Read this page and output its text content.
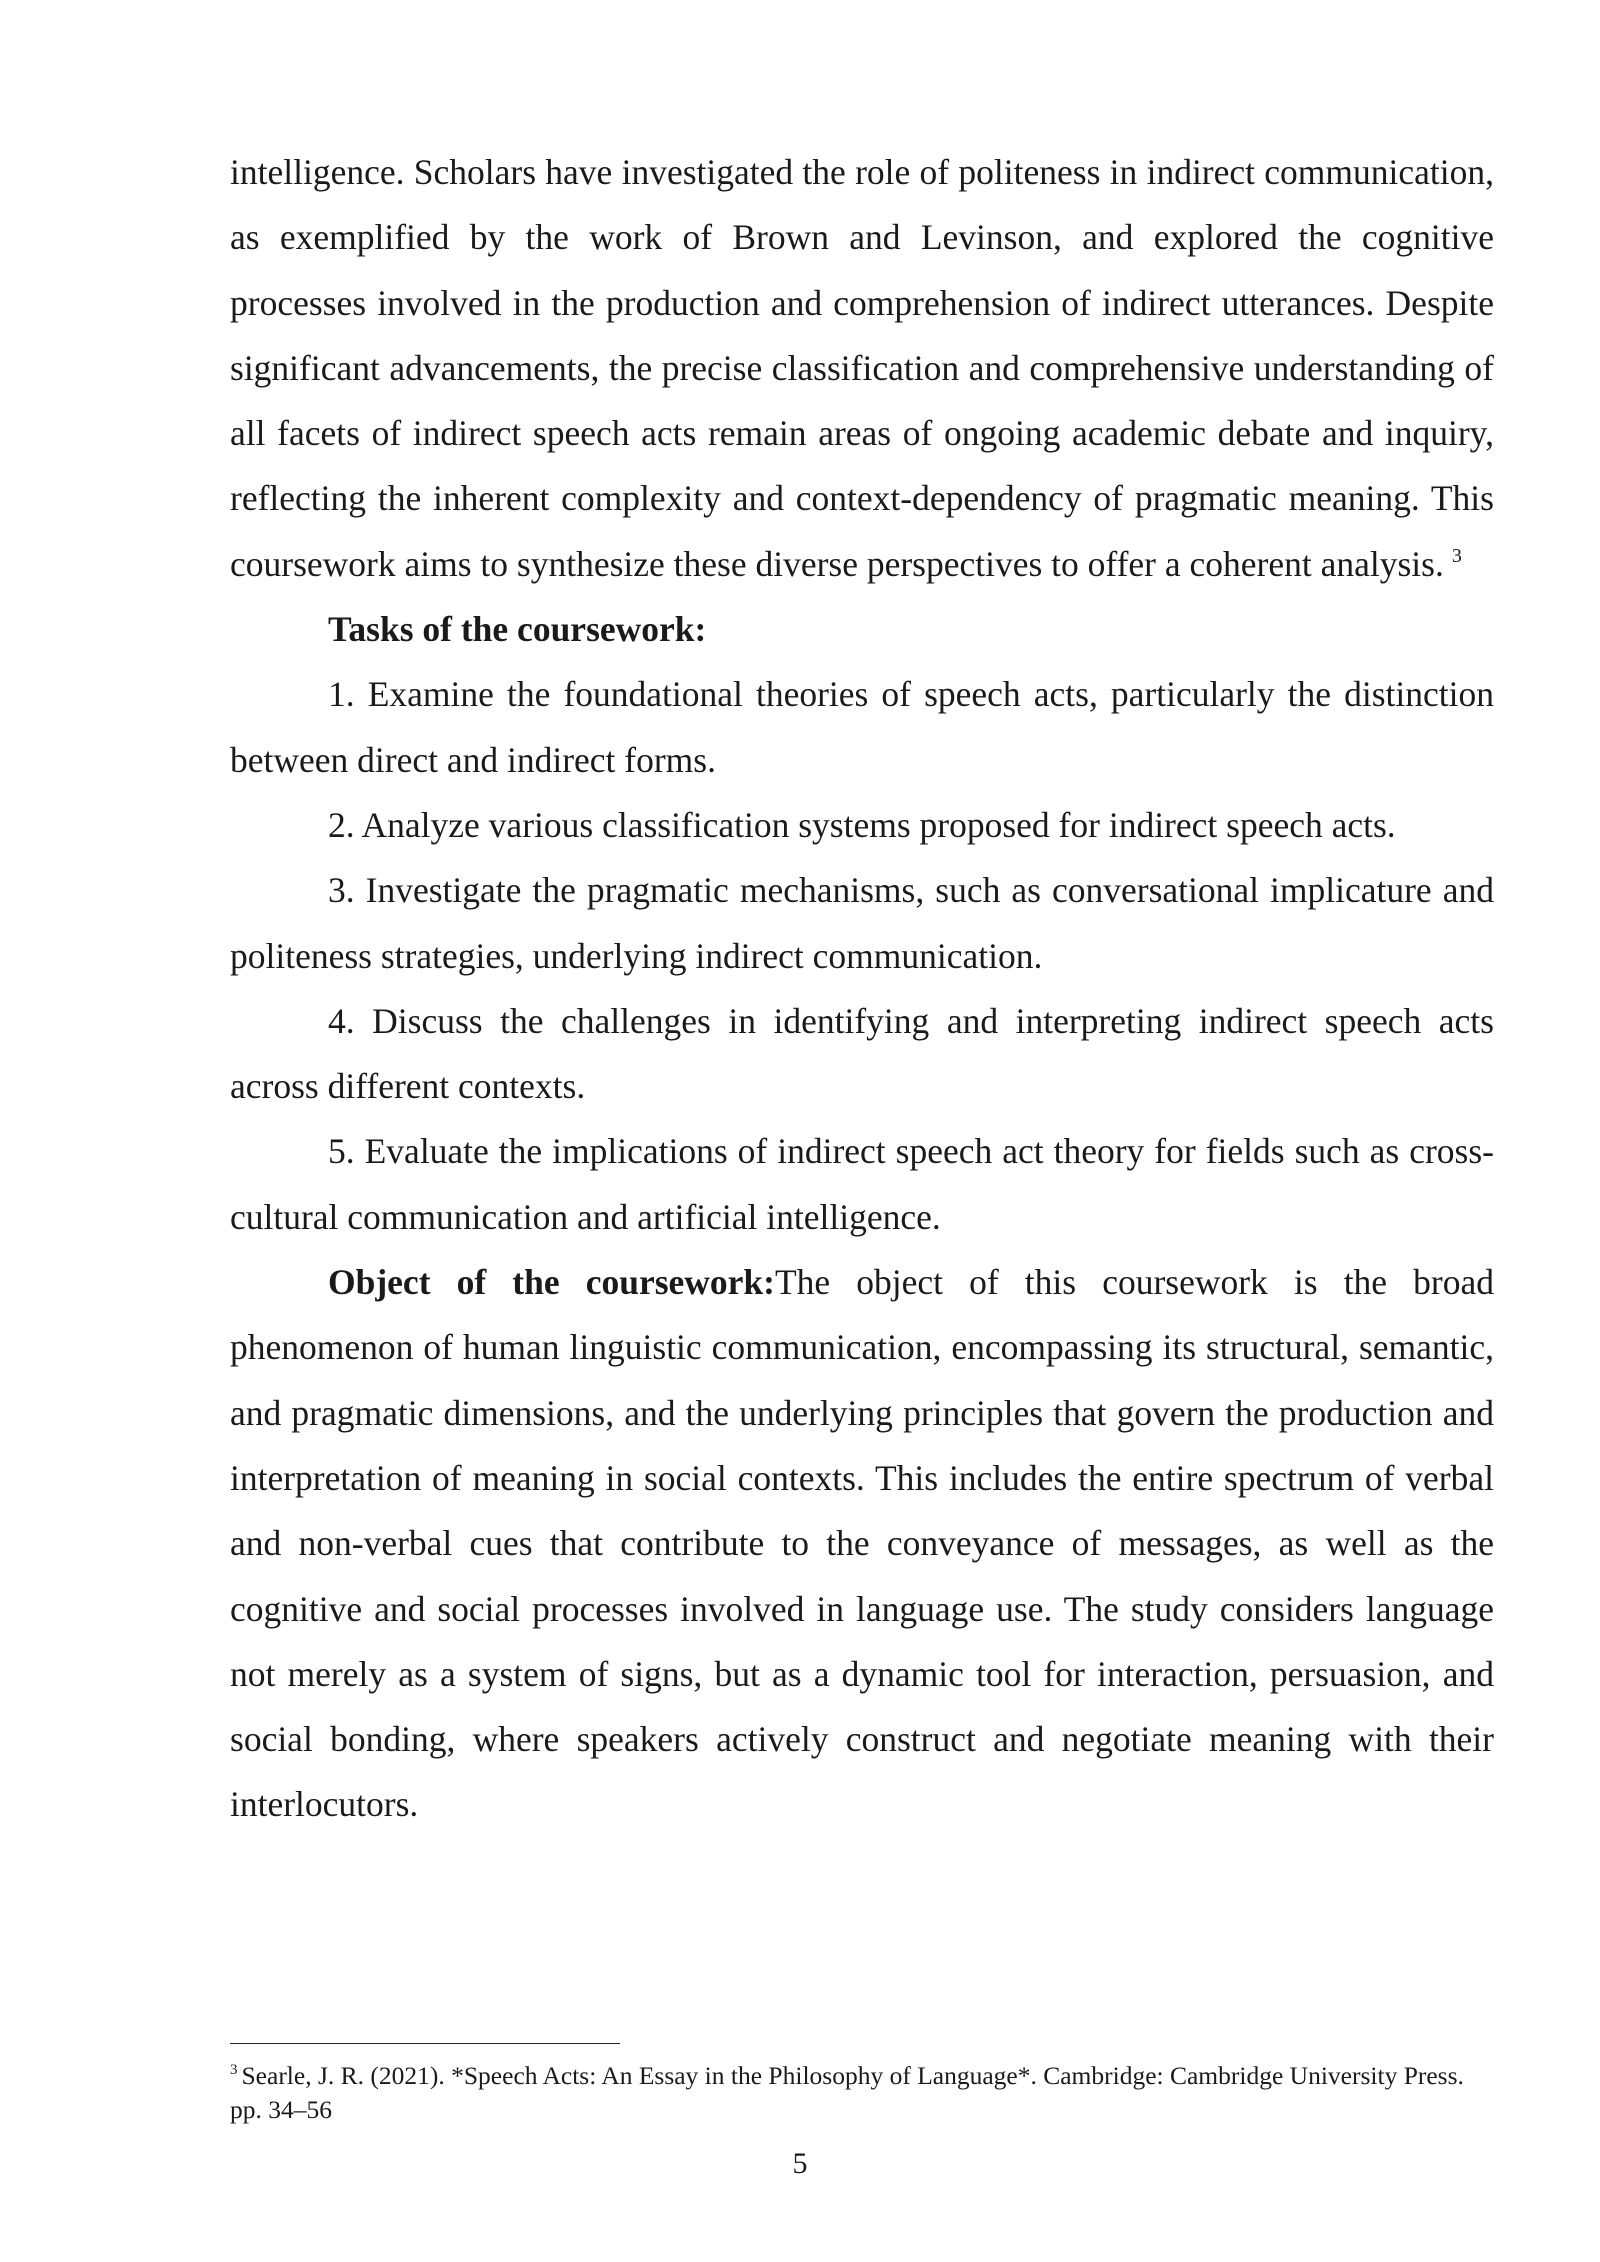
intelligence. Scholars have investigated the role of politeness in indirect communication, as exemplified by the work of Brown and Levinson, and explored the cognitive processes involved in the production and comprehension of indirect utterances. Despite significant advancements, the precise classification and comprehensive understanding of all facets of indirect speech acts remain areas of ongoing academic debate and inquiry, reflecting the inherent complexity and context-dependency of pragmatic meaning. This coursework aims to synthesize these diverse perspectives to offer a coherent analysis. $^3$

Tasks of the coursework:

1. Examine the foundational theories of speech acts, particularly the distinction between direct and indirect forms.

2. Analyze various classification systems proposed for indirect speech acts.

3. Investigate the pragmatic mechanisms, such as conversational implicature and politeness strategies, underlying indirect communication.

4. Discuss the challenges in identifying and interpreting indirect speech acts across different contexts.

5. Evaluate the implications of indirect speech act theory for fields such as cross-cultural communication and artificial intelligence.

Object of the coursework:The object of this coursework is the broad phenomenon of human linguistic communication, encompassing its structural, semantic, and pragmatic dimensions, and the underlying principles that govern the production and interpretation of meaning in social contexts. This includes the entire spectrum of verbal and non-verbal cues that contribute to the conveyance of messages, as well as the cognitive and social processes involved in language use. The study considers language not merely as a system of signs, but as a dynamic tool for interaction, persuasion, and social bonding, where speakers actively construct and negotiate meaning with their interlocutors.

$^3$ Searle, J. R. (2021). *Speech Acts: An Essay in the Philosophy of Language*. Cambridge: Cambridge University Press. pp. 34–56

5
